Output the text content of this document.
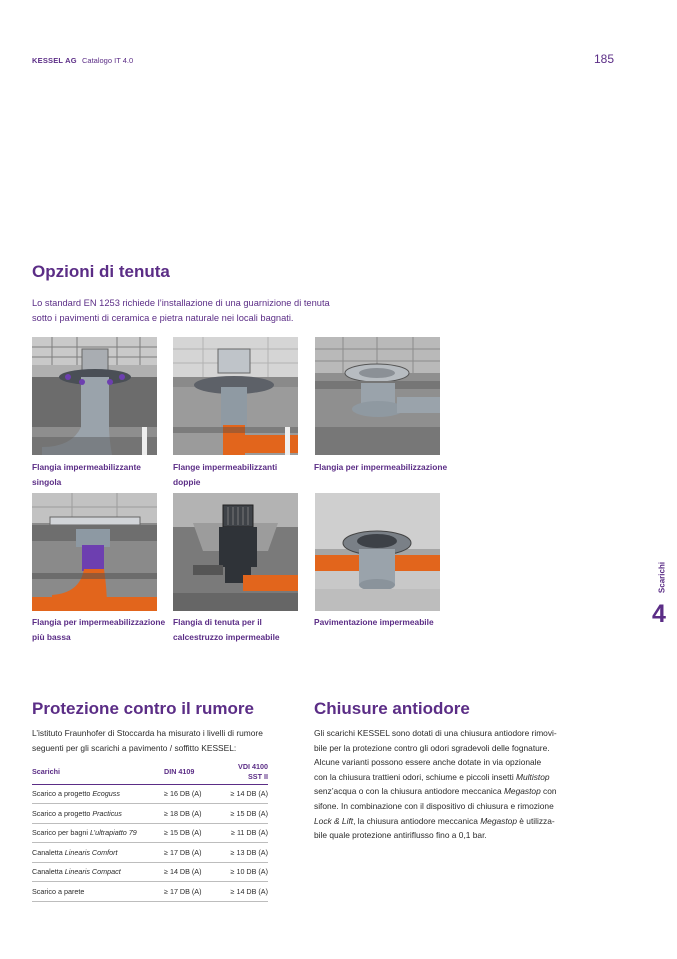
KESSEL AG Catalogo IT 4.0	185
Opzioni di tenuta
Lo standard EN 1253 richiede l’installazione di una guarnizione di tenuta
sotto i pavimenti di ceramica e pietra naturale nei locali bagnati.
Flangia impermeabilizzante
singola
Flange impermeabilizzanti
doppie
Flangia per impermeabilizzazione
Flangia per impermeabilizzazione
più bassa
Flangia di tenuta per il
calcestruzzo impermeabile
Pavimentazione impermeabile
Scarichi
4
Protezione contro il rumore
L’istituto Fraunhofer di Stoccarda ha misurato i livelli di rumore
seguenti per gli scarichi a pavimento / soffitto KESSEL:
Scarichi	DIN 4109	VDI 4100
SST II

Scarico a progetto Ecoguss	≥ 16 DB (A)	≥ 14 DB (A)
Scarico a progetto Practicus	≥ 18 DB (A)	≥ 15 DB (A)
Scarico per bagni L’ultrapiatto 79	≥ 15 DB (A)	≥ 11 DB (A)
Canaletta Linearis Comfort	≥ 17 DB (A)	≥ 13 DB (A)
Canaletta Linearis Compact	≥ 14 DB (A)	≥ 10 DB (A)
Scarico a parete	≥ 17 DB (A)	≥ 14 DB (A)
Chiusure antiodore
Gli scarichi KESSEL sono dotati di una chiusura antiodore rimovi-
bile per la protezione contro gli odori sgradevoli delle fognature.
Alcune varianti possono essere anche dotate in via opzionale
con la chiusura trattieni odori, schiume e piccoli insetti Multistop
senz’acqua o con la chiusura antiodore meccanica Megastop con
sifone. In combinazione con il dispositivo di chiusura e rimozione
Lock & Lift, la chiusura antiodore meccanica Megastop è utilizza-
bile quale protezione antiriflusso fino a 0,1 bar.
